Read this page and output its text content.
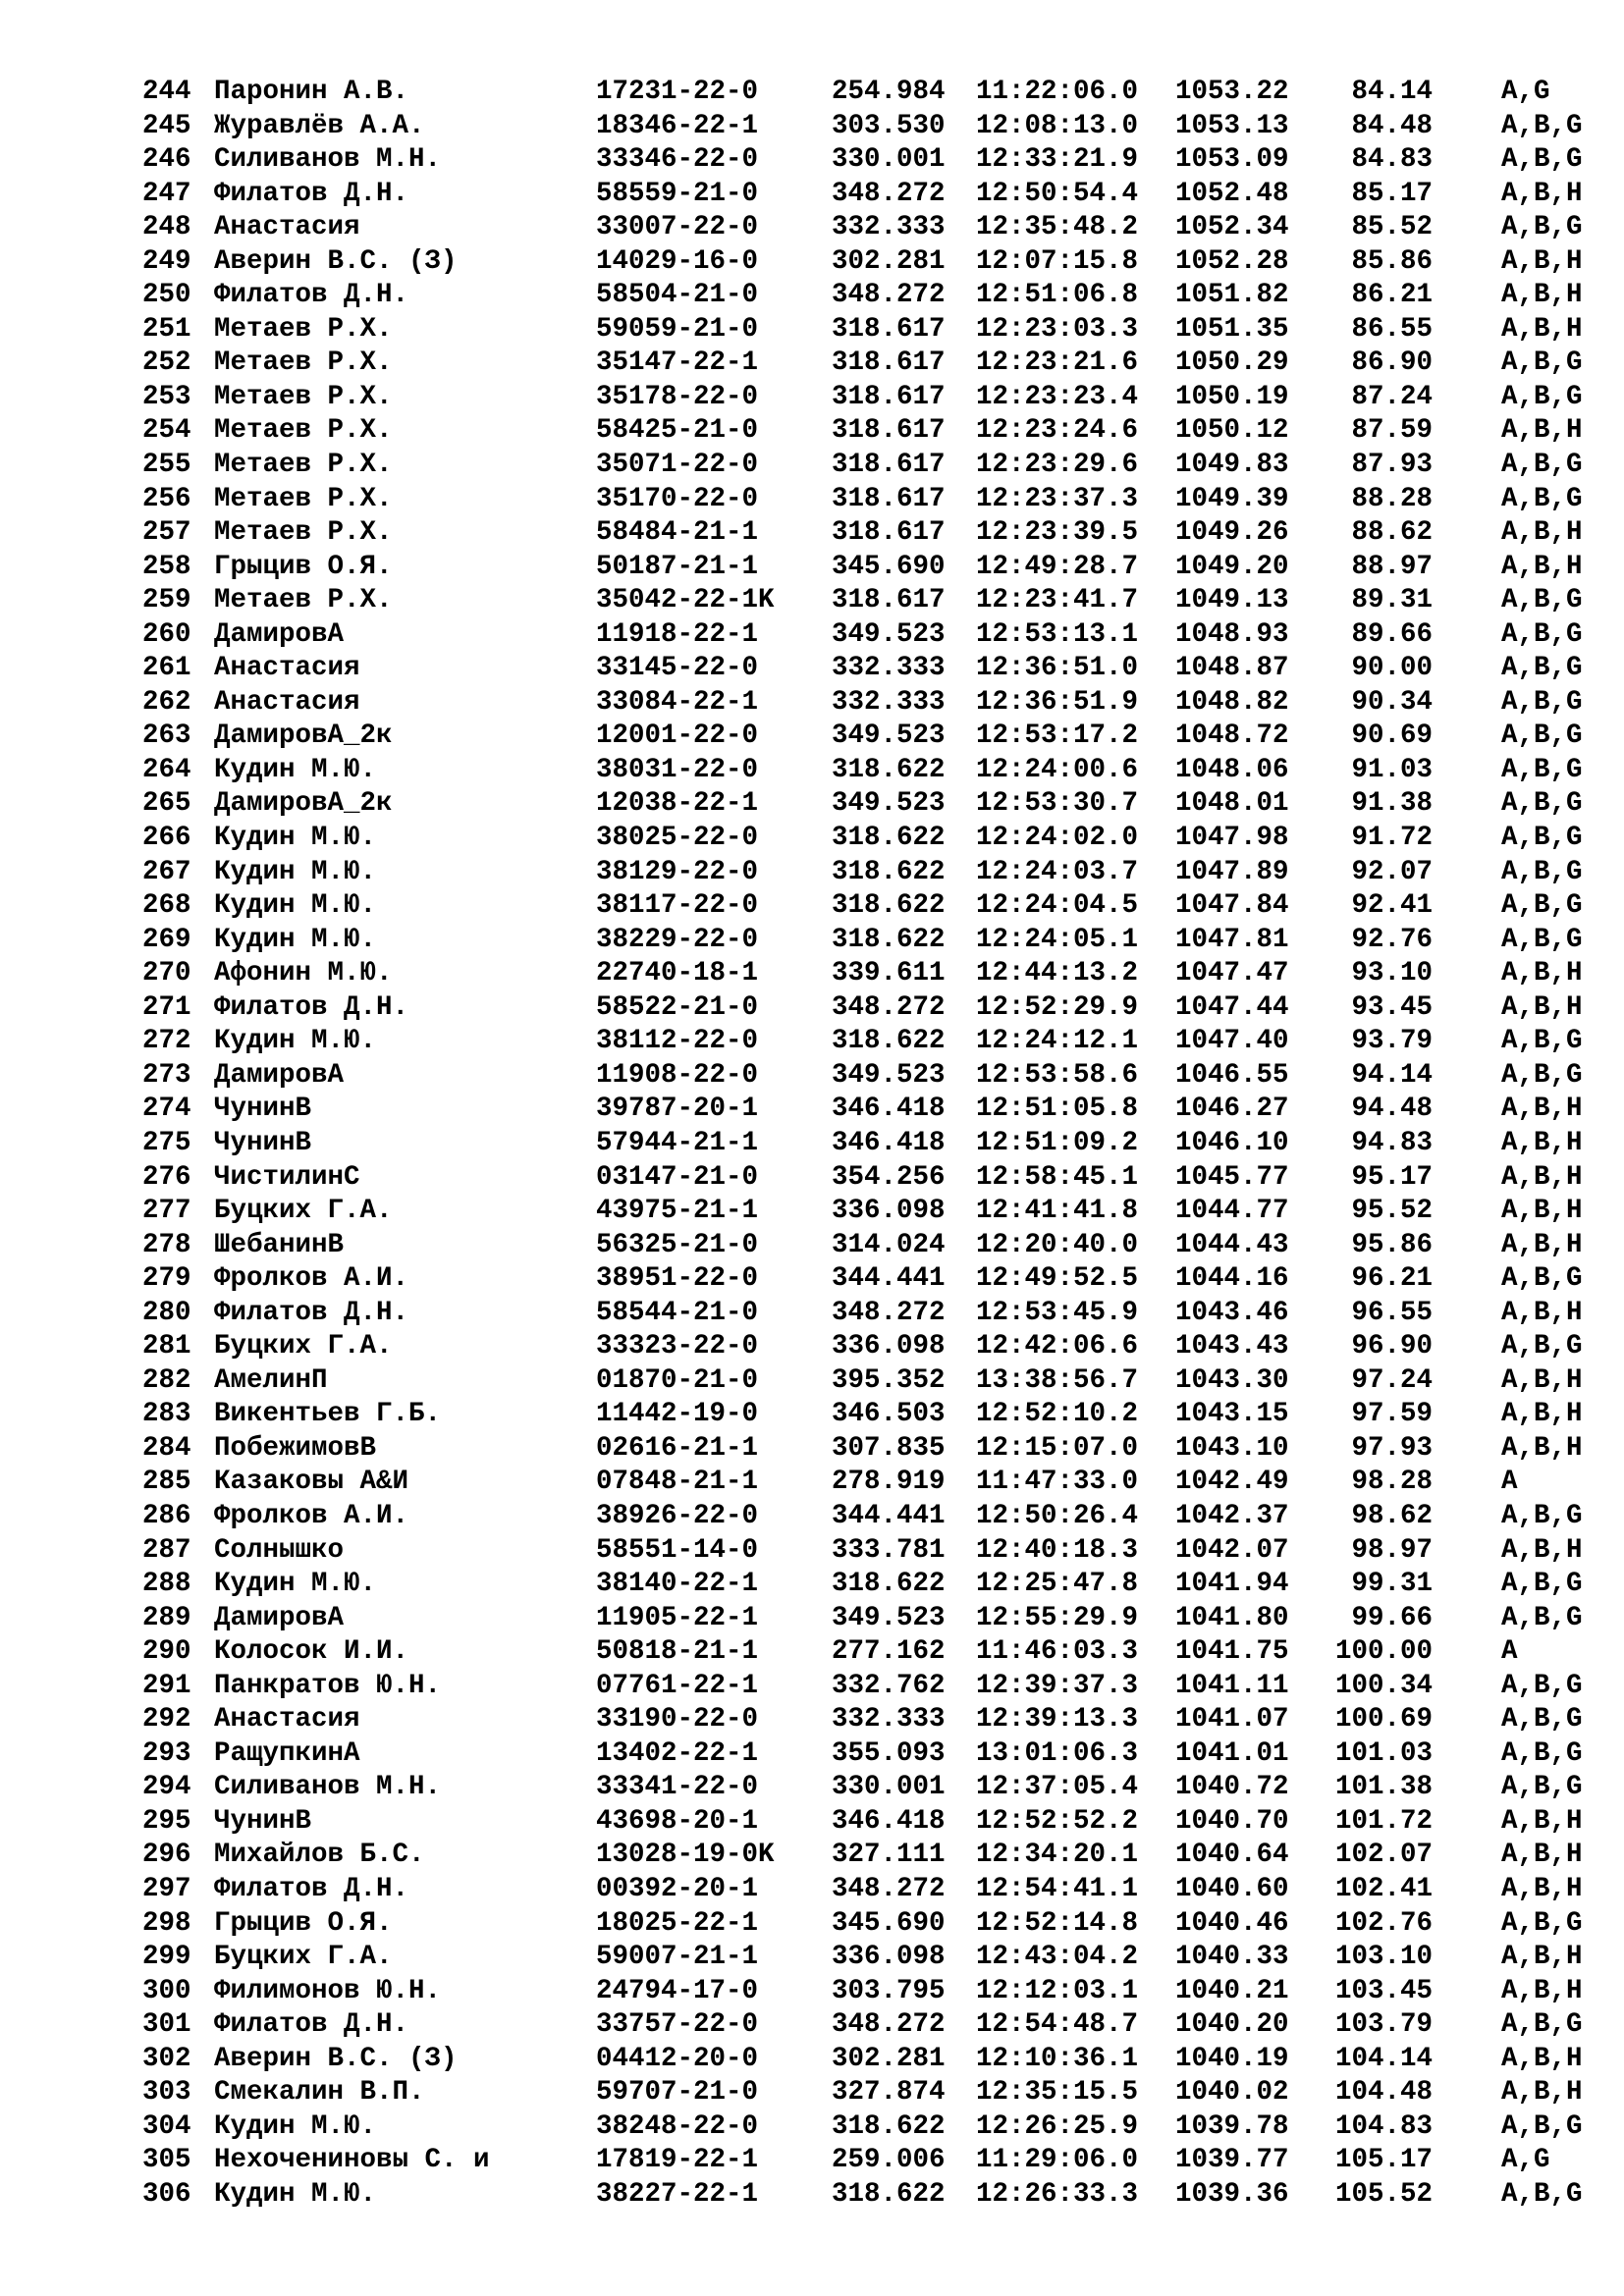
244 Паронин А.В.	17231-22-0	254.984 11:22:06.0 1053.22 84.14	A,G
245 Журавлёв А.А.	18346-22-1	303.530 12:08:13.0 1053.13 84.48	A,B,G
246 Силиванов М.Н.	33346-22-0	330.001 12:33:21.9 1053.09 84.83	A,B,G
247 Филатов Д.Н.	58559-21-0	348.272 12:50:54.4 1052.48 85.17	A,B,H
248 Анастасия	33007-22-0	332.333 12:35:48.2 1052.34 85.52	A,B,G
249 Аверин В.С. (З)	14029-16-0	302.281 12:07:15.8 1052.28 85.86	A,B,H
250 Филатов Д.Н.	58504-21-0	348.272 12:51:06.8 1051.82 86.21	A,B,H
251 Метаев Р.Х.	59059-21-0	318.617 12:23:03.3 1051.35 86.55	A,B,H
252 Метаев Р.Х.	35147-22-1	318.617 12:23:21.6 1050.29 86.90	A,B,G
253 Метаев Р.Х.	35178-22-0	318.617 12:23:23.4 1050.19 87.24	A,B,G
254 Метаев Р.Х.	58425-21-0	318.617 12:23:24.6 1050.12 87.59	A,B,H
255 Метаев Р.Х.	35071-22-0	318.617 12:23:29.6 1049.83 87.93	A,B,G
256 Метаев Р.Х.	35170-22-0	318.617 12:23:37.3 1049.39 88.28	A,B,G
257 Метаев Р.Х.	58484-21-1	318.617 12:23:39.5 1049.26 88.62	A,B,H
258 Грыцив О.Я.	50187-21-1	345.690 12:49:28.7 1049.20 88.97	A,B,H
259 Метаев Р.Х.	35042-22-1K 318.617 12:23:41.7 1049.13 89.31	A,B,G
260 ДамировА	11918-22-1	349.523 12:53:13.1 1048.93 89.66	A,B,G
261 Анастасия	33145-22-0	332.333 12:36:51.0 1048.87 90.00	A,B,G
262 Анастасия	33084-22-1	332.333 12:36:51.9 1048.82 90.34	A,B,G
263 ДамировА_2к	12001-22-0	349.523 12:53:17.2 1048.72 90.69	A,B,G
264 Кудин М.Ю.	38031-22-0	318.622 12:24:00.6 1048.06 91.03	A,B,G
265 ДамировА_2к	12038-22-1	349.523 12:53:30.7 1048.01 91.38	A,B,G
266 Кудин М.Ю.	38025-22-0	318.622 12:24:02.0 1047.98 91.72	A,B,G
267 Кудин М.Ю.	38129-22-0	318.622 12:24:03.7 1047.89 92.07	A,B,G
268 Кудин М.Ю.	38117-22-0	318.622 12:24:04.5 1047.84 92.41	A,B,G
269 Кудин М.Ю.	38229-22-0	318.622 12:24:05.1 1047.81 92.76	A,B,G
270 Афонин М.Ю.	22740-18-1	339.611 12:44:13.2 1047.47 93.10	A,B,H
271 Филатов Д.Н.	58522-21-0	348.272 12:52:29.9 1047.44 93.45	A,B,H
272 Кудин М.Ю.	38112-22-0	318.622 12:24:12.1 1047.40 93.79	A,B,G
273 ДамировА	11908-22-0	349.523 12:53:58.6 1046.55 94.14	A,B,G
274 ЧунинВ	39787-20-1	346.418 12:51:05.8 1046.27 94.48	A,B,H
275 ЧунинВ	57944-21-1	346.418 12:51:09.2 1046.10 94.83	A,B,H
276 ЧистилинС	03147-21-0	354.256 12:58:45.1 1045.77 95.17	A,B,H
277 Буцких Г.А.	43975-21-1	336.098 12:41:41.8 1044.77 95.52	A,B,H
278 ШебанинВ	56325-21-0	314.024 12:20:40.0 1044.43 95.86	A,B,H
279 Фролков А.И.	38951-22-0	344.441 12:49:52.5 1044.16 96.21	A,B,G
280 Филатов Д.Н.	58544-21-0	348.272 12:53:45.9 1043.46 96.55	A,B,H
281 Буцких Г.А.	33323-22-0	336.098 12:42:06.6 1043.43 96.90	A,B,G
282 АмелинП	01870-21-0	395.352 13:38:56.7 1043.30 97.24	A,B,H
283 Викентьев Г.Б.	11442-19-0	346.503 12:52:10.2 1043.15 97.59	A,B,H
284 ПобежимовВ	02616-21-1	307.835 12:15:07.0 1043.10 97.93	A,B,H
285 Казаковы А&И	07848-21-1	278.919 11:47:33.0 1042.49 98.28	A
286 Фролков А.И.	38926-22-0	344.441 12:50:26.4 1042.37 98.62	A,B,G
287 Солнышко	58551-14-0	333.781 12:40:18.3 1042.07 98.97	A,B,H
288 Кудин М.Ю.	38140-22-1	318.622 12:25:47.8 1041.94 99.31	A,B,G
289 ДамировА	11905-22-1	349.523 12:55:29.9 1041.80 99.66	A,B,G
290 Колосок И.И.	50818-21-1	277.162 11:46:03.3 1041.75 100.00	A
291 Панкратов Ю.Н.	07761-22-1	332.762 12:39:37.3 1041.11 100.34	A,B,G
292 Анастасия	33190-22-0	332.333 12:39:13.3 1041.07 100.69	A,B,G
293 РащупкинА	13402-22-1	355.093 13:01:06.3 1041.01 101.03	A,B,G
294 Силиванов М.Н.	33341-22-0	330.001 12:37:05.4 1040.72 101.38	A,B,G
295 ЧунинВ	43698-20-1	346.418 12:52:52.2 1040.70 101.72	A,B,H
296 Михайлов Б.С.	13028-19-0K 327.111 12:34:20.1 1040.64 102.07	A,B,H
297 Филатов Д.Н.	00392-20-1	348.272 12:54:41.1 1040.60 102.41	A,B,H
298 Грыцив О.Я.	18025-22-1	345.690 12:52:14.8 1040.46 102.76	A,B,G
299 Буцких Г.А.	59007-21-1	336.098 12:43:04.2 1040.33 103.10	A,B,H
300 Филимонов Ю.Н.	24794-17-0	303.795 12:12:03.1 1040.21 103.45	A,B,H
301 Филатов Д.Н.	33757-22-0	348.272 12:54:48.7 1040.20 103.79	A,B,G
302 Аверин В.С. (З)	04412-20-0	302.281 12:10:36.1 1040.19 104.14	A,B,H
303 Смекалин В.П.	59707-21-0	327.874 12:35:15.5 1040.02 104.48	A,B,H
304 Кудин М.Ю.	38248-22-0	318.622 12:26:25.9 1039.78 104.83	A,B,G
305 Нехочениновы С. и	17819-22-1	259.006 11:29:06.0 1039.77 105.17	A,G
306 Кудин М.Ю.	38227-22-1	318.622 12:26:33.3 1039.36 105.52	A,B,G
